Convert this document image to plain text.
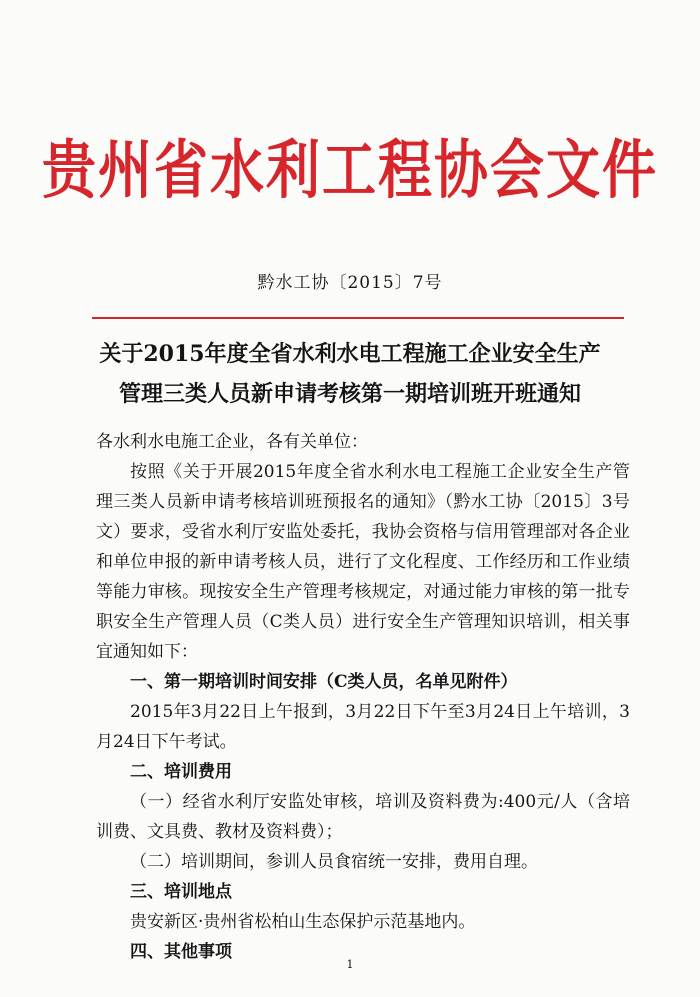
贵州省水利工程协会文件
黔水工协〔2015〕7号
关于2015年度全省水利水电工程施工企业安全生产
管理三类人员新申请考核第一期培训班开班通知

各水利水电施工企业，各有关单位：

按照《关于开展2015年度全省水利水电工程施工企业安全生产管理三类人员新申请考核培训班预报名的通知》（黔水工协〔2015〕3号文）要求，受省水利厅安监处委托，我协会资格与信用管理部对各企业和单位申报的新申请考核人员，进行了文化程度、工作经历和工作业绩等能力审核。现按安全生产管理考核规定，对通过能力审核的第一批专职安全生产管理人员（C类人员）进行安全生产管理知识培训，相关事宜通知如下：

一、第一期培训时间安排（C类人员，名单见附件）

2015年3月22日上午报到，3月22日下午至3月24日上午培训，3月24日下午考试。

二、培训费用

（一）经省水利厅安监处审核，培训及资料费为:400元/人（含培训费、文具费、教材及资料费）；

（二）培训期间，参训人员食宿统一安排，费用自理。

三、培训地点

贵安新区·贵州省松柏山生态保护示范基地内。

四、其他事项

1
